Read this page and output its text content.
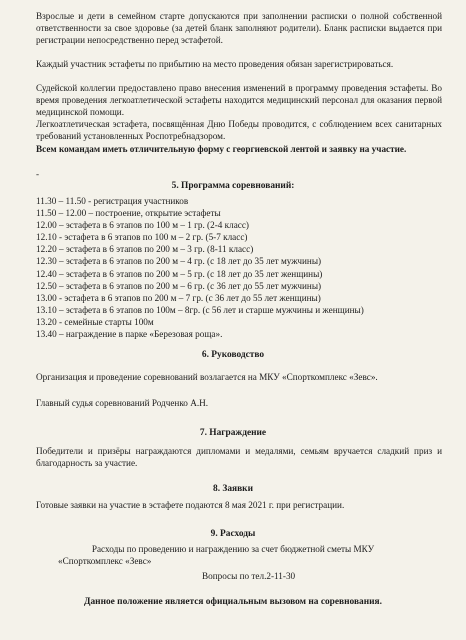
Взрослые и дети в семейном старте допускаются при заполнении расписки о полной собственной ответственности за свое здоровье (за детей бланк заполняют родители). Бланк расписки выдается при регистрации непосредственно перед эстафетой.

Каждый участник эстафеты по прибытию на место проведения обязан зарегистрироваться.

Судейской коллегии предоставлено право внесения изменений в программу проведения эстафеты. Во время проведения легкоатлетической эстафеты находится медицинский персонал для оказания первой медицинской помощи.

Легкоатлетическая эстафета, посвящённая Дню Победы проводится, с соблюдением всех санитарных требований установленных Роспотребнадзором.

Всем командам иметь отличительную форму с георгиевской лентой и заявку на участие.

-

5. Программа соревнований:

11.30 – 11.50 - регистрация участников
11.50 – 12.00 – построение, открытие эстафеты
12.00 – эстафета в 6 этапов по 100 м – 1 гр. (2-4 класс)
12.10 - эстафета в 6 этапов по 100 м – 2 гр. (5-7 класс)
12.20 – эстафета в 6 этапов по 200 м – 3 гр. (8-11 класс)
12.30 – эстафета в 6 этапов по 200 м – 4 гр. (с 18 лет до 35 лет мужчины)
12.40 – эстафета в 6 этапов по 200 м – 5 гр. (с 18 лет до 35 лет женщины)
12.50 – эстафета в 6 этапов по 200 м – 6 гр. (с 36 лет до 55 лет мужчины)
13.00 - эстафета в 6 этапов по 200 м – 7 гр. (с 36 лет до 55 лет женщины)
13.10 – эстафета в 6 этапов по 100м – 8гр. (с 56 лет и старше мужчины и женщины)
13.20 - семейные старты 100м
13.40 – награждение в парке «Березовая роща».

6. Руководство

Организация и проведение соревнований возлагается на МКУ «Спорткомплекс «Зевс».

Главный судья соревнований Родченко А.Н.

7. Награждение

Победители и призёры награждаются дипломами и медалями, семьям вручается сладкий приз и благодарность за участие.

8. Заявки

Готовые заявки на участие в эстафете подаются 8 мая 2021 г. при регистрации.

9. Расходы

Расходы по проведению и награждению за счет бюджетной сметы МКУ

«Спорткомплекс «Зевс»

Вопросы по тел.2-11-30

Данное положение является официальным вызовом на соревнования.
